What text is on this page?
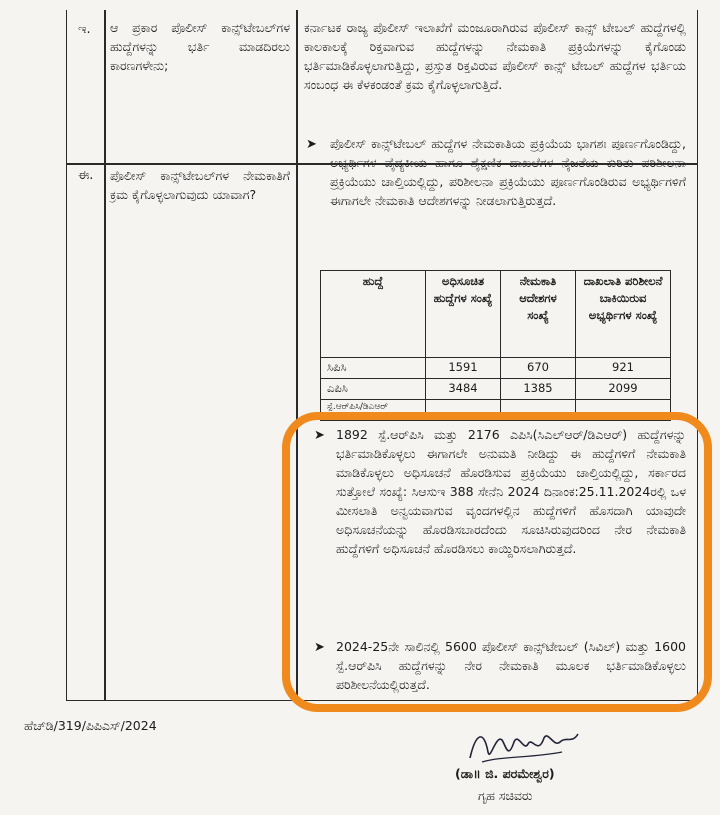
ಇ. ಆ ಪ್ರಕಾರ ಪೊಲೀಸ್ ಕಾನ್ಸ್‌ಟೇಬಲ್‌ಗಳ ಹುದ್ದೆಗಳನ್ನು ಭರ್ತಿ ಮಾಡದಿರಲು ಕಾರಣಗಳೇನು;
ಕರ್ನಾಟಕ ರಾಜ್ಯ ಪೊಲೀಸ್ ಇಲಾಖೆಗೆ ಮಂಜೂರಾಗಿರುವ ಪೊಲೀಸ್ ಕಾನ್ಸ್ ಟೇಬಲ್ ಹುದ್ದೆಗಳಲ್ಲಿ ಕಾಲಕಾಲಕ್ಕೆ ರಿಕ್ತವಾಗುವ ಹುದ್ದೆಗಳನ್ನು ನೇಮಕಾತಿ ಪ್ರಕ್ರಿಯೆಗಳನ್ನು ಕೈಗೊಂಡು ಭರ್ತಿಮಾಡಿಕೊಳ್ಳಲಾಗುತ್ತಿದ್ದು, ಪ್ರಸ್ತುತ ರಿಕ್ತವಿರುವ ಪೊಲೀಸ್ ಕಾನ್ಸ್ ಟೇಬಲ್ ಹುದ್ದೆಗಳ ಭರ್ತಿಯ ಸಂಬಂಧ ಈ ಕೆಳಕಂಡಂತೆ ಕ್ರಮ ಕೈಗೊಳ್ಳಲಾಗುತ್ತಿದೆ.
ಈ. ಪೊಲೀಸ್ ಕಾನ್ಸ್‌ಟೇಬಲ್‌ಗಳ ನೇಮಕಾತಿಗೆ ಕ್ರಮ ಕೈಗೊಳ್ಳಲಾಗುವುದು ಯಾವಾಗ?
➤ ಪೊಲೀಸ್ ಕಾನ್ಸ್‌ಟೇಬಲ್ ಹುದ್ದೆಗಳ ನೇಮಕಾತಿಯ ಪ್ರಕ್ರಿಯೆಯ ಭಾಗಶಃ ಪೂರ್ಣಗೊಂಡಿದ್ದು, ಅಭ್ಯರ್ಥಿಗಳ ವೈದ್ಯಕೀಯ ಹಾಗೂ ಶೈಕ್ಷಣಿಕ ದಾಖಲೆಗಳ ನೈಜತೆಯ ಕುರಿತು ಪರಿಶೀಲನಾ ಪ್ರಕ್ರಿಯೆಯು ಚಾಲ್ತಿಯಲ್ಲಿದ್ದು, ಪರಿಶೀಲನಾ ಪ್ರಕ್ರಿಯೆಯು ಪೂರ್ಣಗೊಂಡಿರುವ ಅಭ್ಯರ್ಥಿಗಳಿಗೆ ಈಗಾಗಲೇ ನೇಮಕಾತಿ ಆದೇಶಗಳನ್ನು ನೀಡಲಾಗುತ್ತಿರುತ್ತದೆ.
ಹುದ್ದೆ	ಅಧಿಸೂಚಿತ ಹುದ್ದೆಗಳ ಸಂಖ್ಯೆ	ನೇಮಕಾತಿ ಆದೇಶಗಳ ಸಂಖ್ಯೆ	ದಾಖಲಾತಿ ಪರಿಶೀಲನೆ ಬಾಕಿಯಿರುವ ಅಭ್ಯರ್ಥಿಗಳ ಸಂಖ್ಯೆ
ಸಿಪಿಸಿ	1591	670	921
ಎಪಿಸಿ	3484	1385	2099
ಸ್ಪೆ.ಆರ್‌ಪಿಸಿ/ಡಿಎಆರ್			
➤ 1892 ಸ್ಪೆ.ಆರ್‌ಪಿಸಿ ಮತ್ತು 2176 ಎಪಿಸಿ(ಸಿಎಲ್ಆರ್/ಡಿಎಆರ್) ಹುದ್ದೆಗಳನ್ನು ಭರ್ತಿಮಾಡಿಕೊಳ್ಳಲು ಈಗಾಗಲೇ ಅನುಮತಿ ನೀಡಿದ್ದು ಈ ಹುದ್ದೆಗಳಿಗೆ ನೇಮಕಾತಿ ಮಾಡಿಕೊಳ್ಳಲು ಅಧಿಸೂಚನೆ ಹೊರಡಿಸುವ ಪ್ರಕ್ರಿಯೆಯು ಚಾಲ್ತಿಯಲ್ಲಿದ್ದು, ಸರ್ಕಾರದ ಸುತ್ತೋಲೆ ಸಂಖ್ಯೆ: ಸಿಆಸುಇ 388 ಸೇನೆನಿ 2024 ದಿನಾಂಕ:25.11.2024ರಲ್ಲಿ ಒಳ ಮೀಸಲಾತಿ ಅನ್ವಯವಾಗುವ ವೃಂದಗಳಲ್ಲಿನ ಹುದ್ದೆಗಳಿಗೆ ಹೊಸದಾಗಿ ಯಾವುದೇ ಅಧಿಸೂಚನೆಯನ್ನು ಹೊರಡಿಸಬಾರದೆಂದು ಸೂಚಿಸಿರುವುದರಿಂದ ನೇರ ನೇಮಕಾತಿ ಹುದ್ದೆಗಳಿಗೆ ಅಧಿಸೂಚನೆ ಹೊರಡಿಸಲು ಕಾಯ್ದಿರಿಸಲಾಗಿರುತ್ತದೆ.
➤ 2024-25ನೇ ಸಾಲಿನಲ್ಲಿ 5600 ಪೊಲೀಸ್ ಕಾನ್ಸ್‌ಟೇಬಲ್ (ಸಿವಿಲ್) ಮತ್ತು 1600 ಸ್ಪೆ.ಆರ್‌ಪಿಸಿ ಹುದ್ದೆಗಳನ್ನು ನೇರ ನೇಮಕಾತಿ ಮೂಲಕ ಭರ್ತಿಮಾಡಿಕೊಳ್ಳಲು ಪರಿಶೀಲನೆಯಲ್ಲಿರುತ್ತದೆ.
ಹೆಚ್‌ಡಿ/319/ಪಿಪಿಎಸ್/2024
(ಡಾ॥ ಜಿ. ಪರಮೇಶ್ವರ)
ಗೃಹ ಸಚಿವರು
